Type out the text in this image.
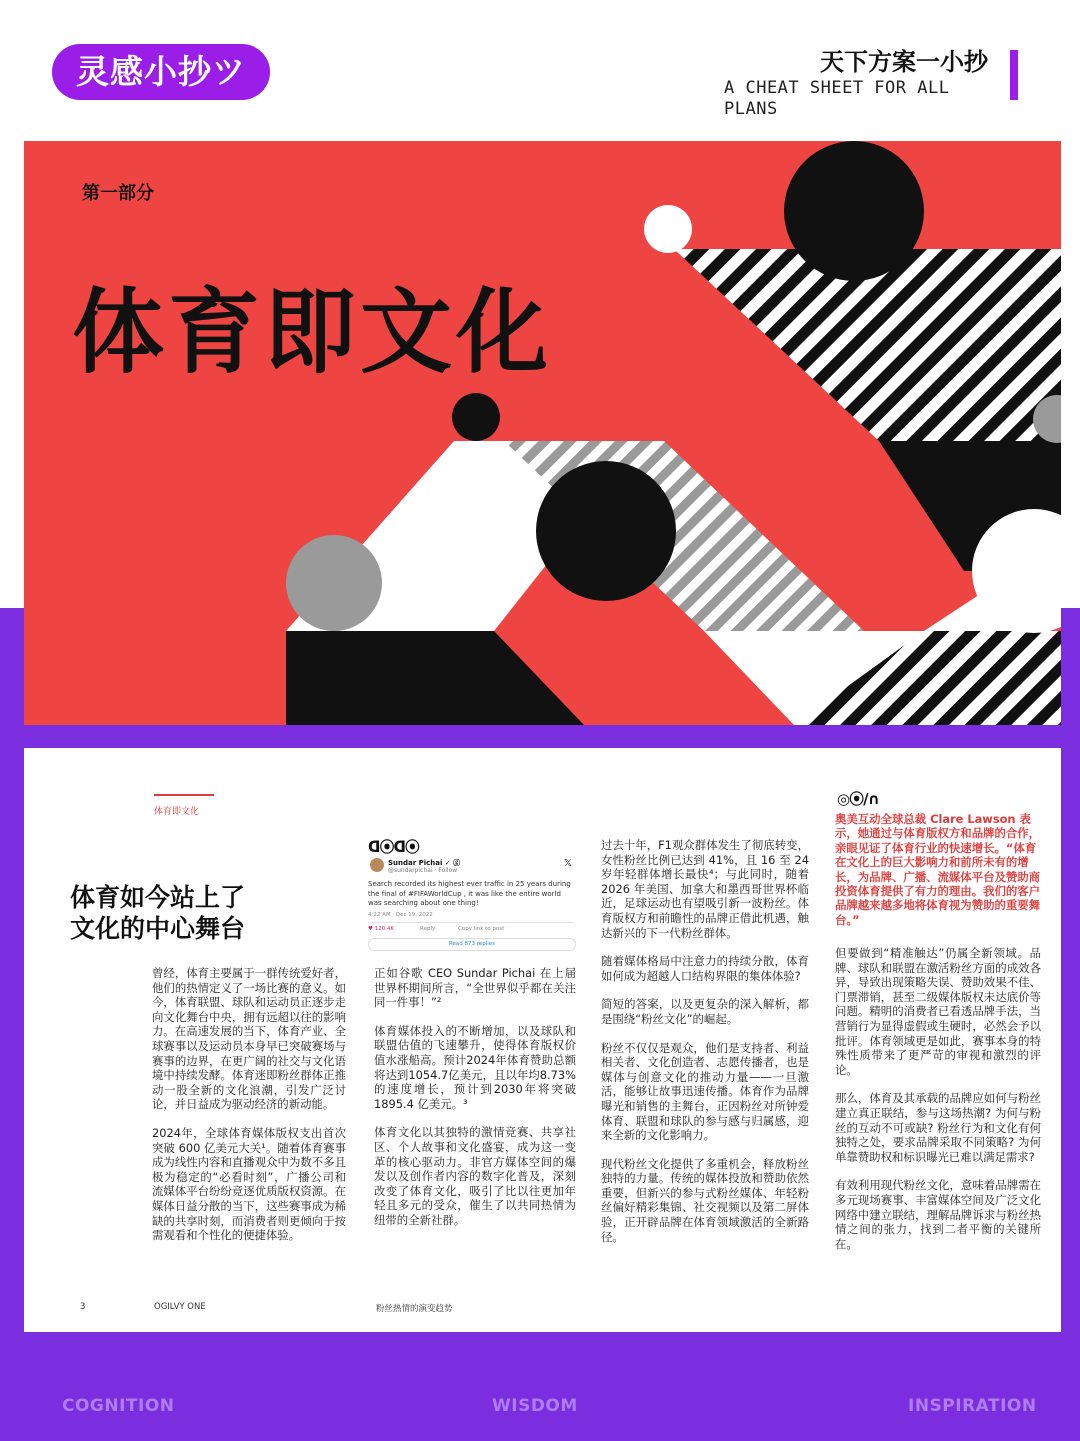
灵感小抄ツ	天下方案一小抄
A CHEAT SHEET FOR ALL PLANS
第一部分
体育即文化
体育即文化
体育如今站上了
文化的中心舞台

曾经，体育主要属于一群传统爱好者，他们的热情定义了一场比赛的意义。如今，体育联盟、球队和运动员正逐步走向文化舞台中央，拥有远超以往的影响力。在高速发展的当下，体育产业、全球赛事以及运动员本身早已突破赛场与赛事的边界，在更广阔的社交与文化语境中持续发酵。体育迷即粉丝群体正推动一股全新的文化浪潮，引发广泛讨论，并日益成为驱动经济的新动能。

2024年，全球体育媒体版权支出首次突破 600 亿美元大关¹。随着体育赛事成为线性内容和直播观众中为数不多且极为稳定的“必看时刻”，广播公司和流媒体平台纷纷竞逐优质版权资源。在媒体日益分散的当下，这些赛事成为稀缺的共享时刻，而消费者则更倾向于按需观看和个性化的便捷体验。

ᗡ⦿ᗡ⦿
Sundar Pichai ✓ ⓖ
@sundarpichai · Follow
𝕏
Search recorded its highest ever traffic in 25 years during the final of #FIFAWorldCup , it was like the entire world was searching about one thing!
4:22 AM · Dec 19, 2022
♥ 120.4K	Reply	Copy link to post
Read 873 replies

正如谷歌 CEO Sundar Pichai 在上届世界杯期间所言，“全世界似乎都在关注同一件事！”²

体育媒体投入的不断增加，以及球队和联盟估值的飞速攀升，使得体育版权价值水涨船高。预计2024年体育赞助总额将达到1054.7亿美元，且以年均8.73%的速度增长，预计到2030年将突破 1895.4 亿美元。³

体育文化以其独特的激情竞赛、共享社区、个人故事和文化盛宴，成为这一变革的核心驱动力。非官方媒体空间的爆发以及创作者内容的数字化普及，深刻改变了体育文化，吸引了比以往更加年轻且多元的受众，催生了以共同热情为纽带的全新社群。

过去十年，F1观众群体发生了彻底转变，女性粉丝比例已达到 41%，且 16 至 24 岁年轻群体增长最快⁴；与此同时，随着 2026 年美国、加拿大和墨西哥世界杯临近，足球运动也有望吸引新一波粉丝。体育版权方和前瞻性的品牌正借此机遇，触达新兴的下一代粉丝群体。

随着媒体格局中注意力的持续分散，体育如何成为超越人口结构界限的集体体验?

简短的答案，以及更复杂的深入解析，都是围绕“粉丝文化”的崛起。

粉丝不仅仅是观众，他们是支持者、利益相关者、文化创造者、志愿传播者，也是媒体与创意文化的推动力量——一旦激活，能够让故事迅速传播。体育作为品牌曝光和销售的主舞台，正因粉丝对所钟爱体育、联盟和球队的参与感与归属感，迎来全新的文化影响力。

现代粉丝文化提供了多重机会，释放粉丝独特的力量。传统的媒体投放和赞助依然重要，但新兴的参与式粉丝媒体、年轻粉丝偏好精彩集锦、社交视频以及第二屏体验，正开辟品牌在体育领域激活的全新路径。

◎⦿∕∩
奥美互动全球总裁 Clare Lawson 表示，她通过与体育版权方和品牌的合作，亲眼见证了体育行业的快速增长。“体育在文化上的巨大影响力和前所未有的增长，为品牌、广播、流媒体平台及赞助商投资体育提供了有力的理由。我们的客户品牌越来越多地将体育视为赞助的重要舞台。”

但要做到“精准触达”仍属全新领域。品牌、球队和联盟在激活粉丝方面的成效各异，导致出现策略失误、赞助效果不佳、门票滞销，甚至二级媒体版权未达底价等问题。精明的消费者已看透品牌手法，当营销行为显得虚假或生硬时，必然会予以批评。体育领域更是如此，赛事本身的特殊性质带来了更严苛的审视和激烈的评论。

那么，体育及其承载的品牌应如何与粉丝建立真正联结，参与这场热潮? 为何与粉丝的互动不可或缺? 粉丝行为和文化有何独特之处，要求品牌采取不同策略? 为何单靠赞助权和标识曝光已难以满足需求?

有效利用现代粉丝文化，意味着品牌需在多元现场赛事、丰富媒体空间及广泛文化网络中建立联结，理解品牌诉求与粉丝热情之间的张力，找到二者平衡的关键所在。

3	OGILVY ONE	粉丝热情的演变趋势
COGNITION	WISDOM	INSPIRATION
